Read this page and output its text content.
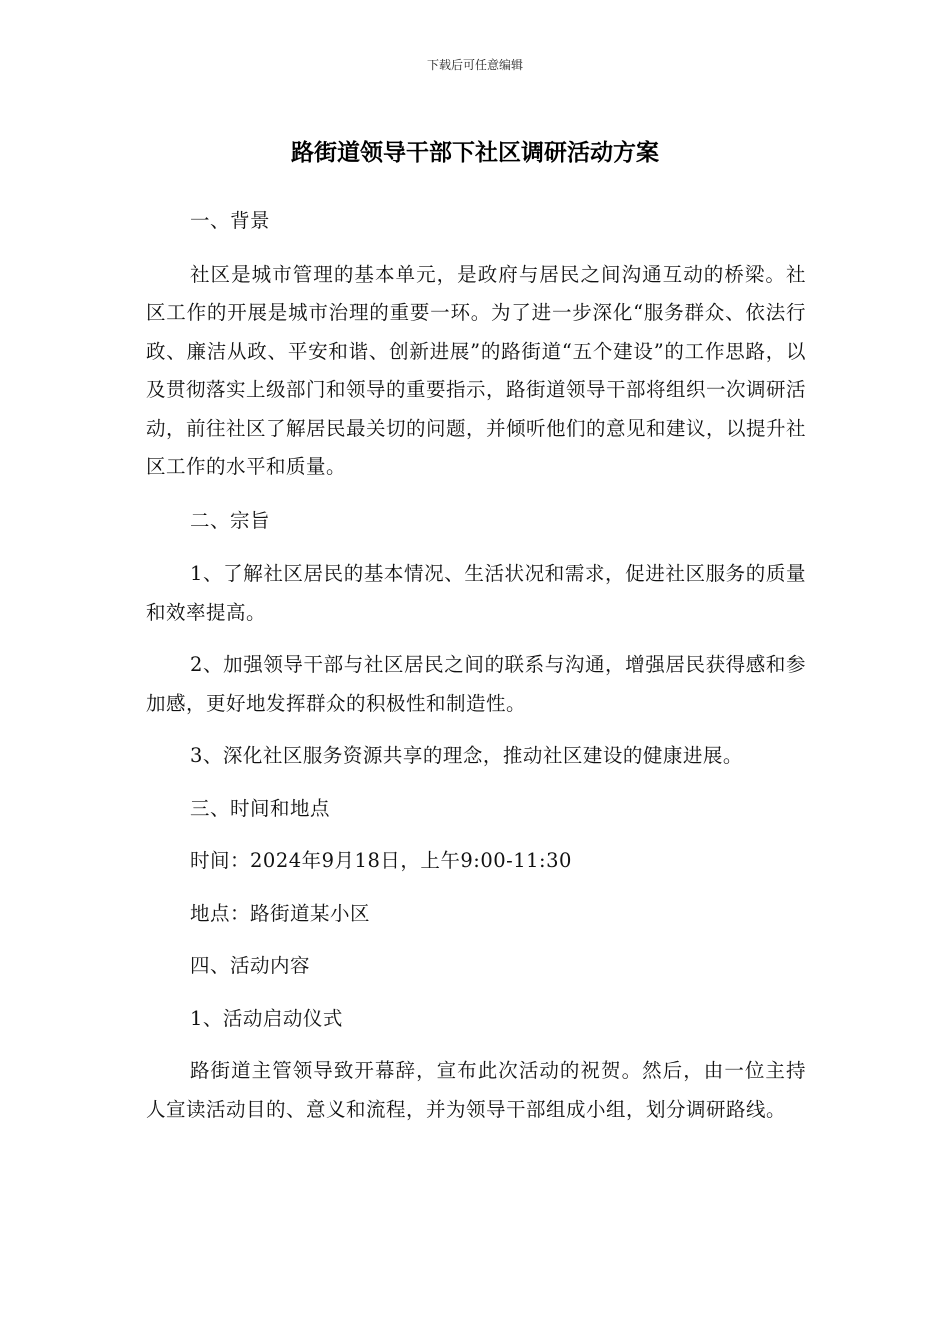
下载后可任意编辑
路街道领导干部下社区调研活动方案

一、背景

社区是城市管理的基本单元，是政府与居民之间沟通互动的桥梁。社区工作的开展是城市治理的重要一环。为了进一步深化“服务群众、依法行政、廉洁从政、平安和谐、创新进展”的路街道“五个建设”的工作思路，以及贯彻落实上级部门和领导的重要指示，路街道领导干部将组织一次调研活动，前往社区了解居民最关切的问题，并倾听他们的意见和建议，以提升社区工作的水平和质量。

二、宗旨

1、了解社区居民的基本情况、生活状况和需求，促进社区服务的质量和效率提高。

2、加强领导干部与社区居民之间的联系与沟通，增强居民获得感和参加感，更好地发挥群众的积极性和制造性。

3、深化社区服务资源共享的理念，推动社区建设的健康进展。

三、时间和地点

时间：2024年9月18日，上午9:00-11:30

地点：路街道某小区

四、活动内容

1、活动启动仪式

路街道主管领导致开幕辞，宣布此次活动的祝贺。然后，由一位主持人宣读活动目的、意义和流程，并为领导干部组成小组，划分调研路线。
